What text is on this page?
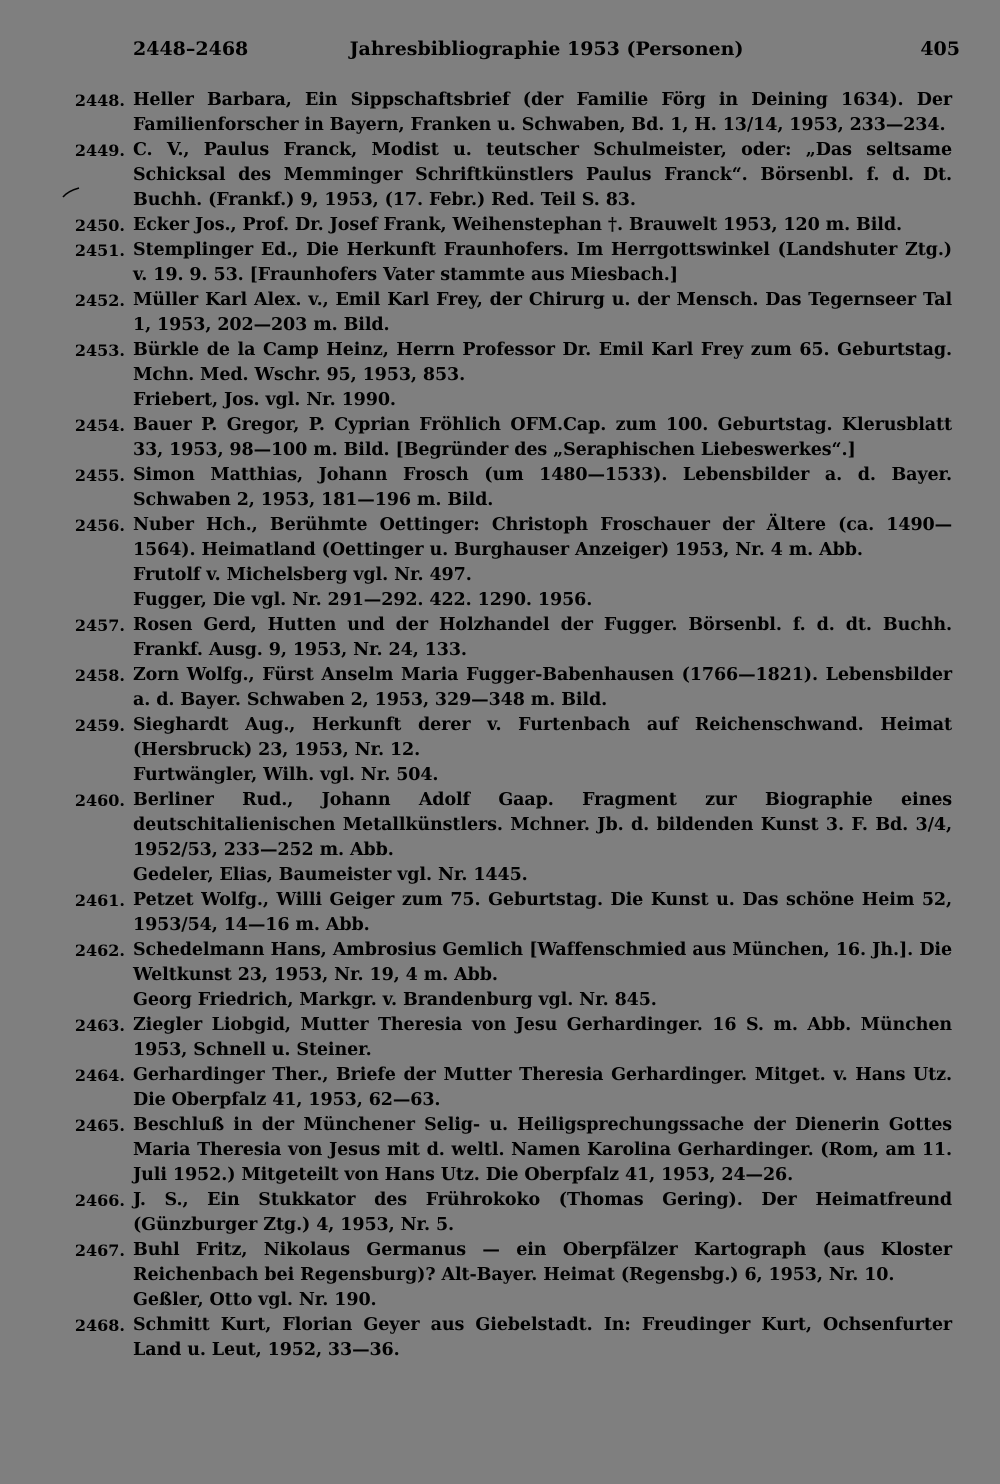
2448–2468	Jahresbibliographie 1953 (Personen)	405
2448. Heller Barbara, Ein Sippschaftsbrief (der Familie Förg in Deining 1634). Der Familienforscher in Bayern, Franken u. Schwaben, Bd. 1, H. 13/14, 1953, 233—234.
2449. C. V., Paulus Franck, Modist u. teutscher Schulmeister, oder: „Das seltsame Schicksal des Memminger Schriftkünstlers Paulus Franck“. Börsenbl. f. d. Dt. Buchh. (Frankf.) 9, 1953, (17. Febr.) Red. Teil S. 83.
2450. Ecker Jos., Prof. Dr. Josef Frank, Weihenstephan †. Brauwelt 1953, 120 m. Bild.
2451. Stemplinger Ed., Die Herkunft Fraunhofers. Im Herrgottswinkel (Landshuter Ztg.) v. 19. 9. 53. [Fraunhofers Vater stammte aus Miesbach.]
2452. Müller Karl Alex. v., Emil Karl Frey, der Chirurg u. der Mensch. Das Tegernseer Tal 1, 1953, 202—203 m. Bild.
2453. Bürkle de la Camp Heinz, Herrn Professor Dr. Emil Karl Frey zum 65. Geburtstag. Mchn. Med. Wschr. 95, 1953, 853.
Friebert, Jos. vgl. Nr. 1990.
2454. Bauer P. Gregor, P. Cyprian Fröhlich OFM.Cap. zum 100. Geburtstag. Klerusblatt 33, 1953, 98—100 m. Bild. [Begründer des „Seraphischen Liebeswerkes“.]
2455. Simon Matthias, Johann Frosch (um 1480—1533). Lebensbilder a. d. Bayer. Schwaben 2, 1953, 181—196 m. Bild.
2456. Nuber Hch., Berühmte Oettinger: Christoph Froschauer der Ältere (ca. 1490—1564). Heimatland (Oettinger u. Burghauser Anzeiger) 1953, Nr. 4 m. Abb.
Frutolf v. Michelsberg vgl. Nr. 497.
Fugger, Die vgl. Nr. 291—292. 422. 1290. 1956.
2457. Rosen Gerd, Hutten und der Holzhandel der Fugger. Börsenbl. f. d. dt. Buchh. Frankf. Ausg. 9, 1953, Nr. 24, 133.
2458. Zorn Wolfg., Fürst Anselm Maria Fugger-Babenhausen (1766—1821). Lebensbilder a. d. Bayer. Schwaben 2, 1953, 329—348 m. Bild.
2459. Sieghardt Aug., Herkunft derer v. Furtenbach auf Reichenschwand. Heimat (Hersbruck) 23, 1953, Nr. 12.
Furtwängler, Wilh. vgl. Nr. 504.
2460. Berliner Rud., Johann Adolf Gaap. Fragment zur Biographie eines deutschitalienischen Metallkünstlers. Mchner. Jb. d. bildenden Kunst 3. F. Bd. 3/4, 1952/53, 233—252 m. Abb.
Gedeler, Elias, Baumeister vgl. Nr. 1445.
2461. Petzet Wolfg., Willi Geiger zum 75. Geburtstag. Die Kunst u. Das schöne Heim 52, 1953/54, 14—16 m. Abb.
2462. Schedelmann Hans, Ambrosius Gemlich [Waffenschmied aus München, 16. Jh.]. Die Weltkunst 23, 1953, Nr. 19, 4 m. Abb.
Georg Friedrich, Markgr. v. Brandenburg vgl. Nr. 845.
2463. Ziegler Liobgid, Mutter Theresia von Jesu Gerhardinger. 16 S. m. Abb. München 1953, Schnell u. Steiner.
2464. Gerhardinger Ther., Briefe der Mutter Theresia Gerhardinger. Mitget. v. Hans Utz. Die Oberpfalz 41, 1953, 62—63.
2465. Beschluß in der Münchener Selig- u. Heiligsprechungssache der Dienerin Gottes Maria Theresia von Jesus mit d. weltl. Namen Karolina Gerhardinger. (Rom, am 11. Juli 1952.) Mitgeteilt von Hans Utz. Die Oberpfalz 41, 1953, 24—26.
2466. J. S., Ein Stukkator des Frührokoko (Thomas Gering). Der Heimatfreund (Günzburger Ztg.) 4, 1953, Nr. 5.
2467. Buhl Fritz, Nikolaus Germanus — ein Oberpfälzer Kartograph (aus Kloster Reichenbach bei Regensburg)? Alt-Bayer. Heimat (Regensbg.) 6, 1953, Nr. 10.
Geßler, Otto vgl. Nr. 190.
2468. Schmitt Kurt, Florian Geyer aus Giebelstadt. In: Freudinger Kurt, Ochsenfurter Land u. Leut, 1952, 33—36.
